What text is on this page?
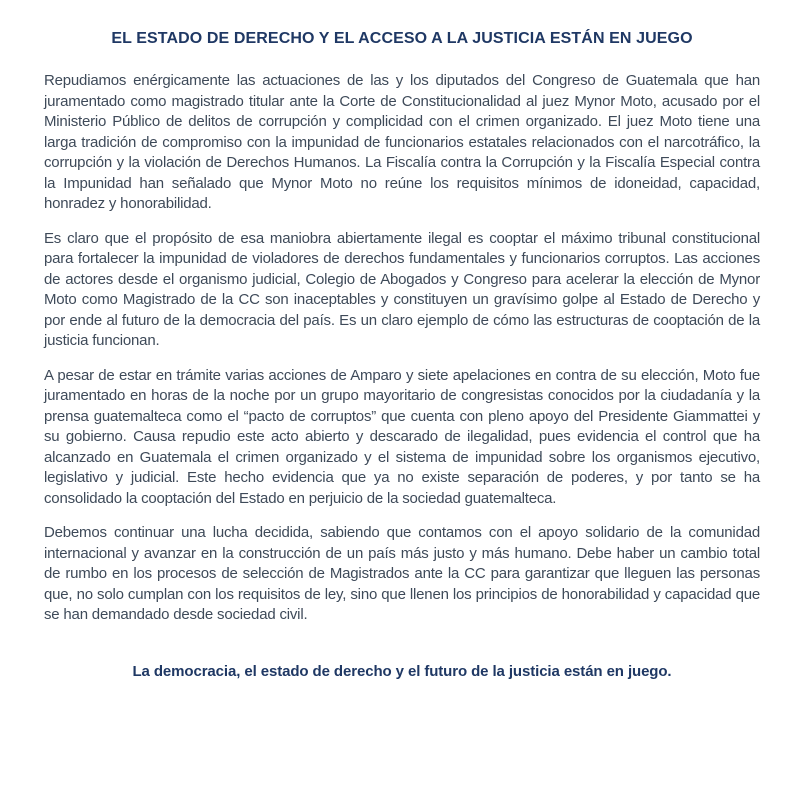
EL ESTADO DE DERECHO Y EL ACCESO A LA JUSTICIA ESTÁN EN JUEGO

Repudiamos enérgicamente las actuaciones de las y los diputados del Congreso de Guatemala que han juramentado como magistrado titular ante la Corte de Constitucionalidad al juez Mynor Moto, acusado por el Ministerio Público de delitos de corrupción y complicidad con el crimen organizado. El juez Moto tiene una larga tradición de compromiso con la impunidad de funcionarios estatales relacionados con el narcotráfico, la corrupción y la violación de Derechos Humanos. La Fiscalía contra la Corrupción y la Fiscalía Especial contra la Impunidad han señalado que Mynor Moto no reúne los requisitos mínimos de idoneidad, capacidad, honradez y honorabilidad.

Es claro que el propósito de esa maniobra abiertamente ilegal es cooptar el máximo tribunal constitucional para fortalecer la impunidad de violadores de derechos fundamentales y funcionarios corruptos. Las acciones de actores desde el organismo judicial, Colegio de Abogados y Congreso para acelerar la elección de Mynor Moto como Magistrado de la CC son inaceptables y constituyen un gravísimo golpe al Estado de Derecho y por ende al futuro de la democracia del país. Es un claro ejemplo de cómo las estructuras de cooptación de la justicia funcionan.

A pesar de estar en trámite varias acciones de Amparo y siete apelaciones en contra de su elección, Moto fue juramentado en horas de la noche por un grupo mayoritario de congresistas conocidos por la ciudadanía y la prensa guatemalteca como el “pacto de corruptos” que cuenta con pleno apoyo del Presidente Giammattei y su gobierno. Causa repudio este acto abierto y descarado de ilegalidad, pues evidencia el control que ha alcanzado en Guatemala el crimen organizado y el sistema de impunidad sobre los organismos ejecutivo, legislativo y judicial. Este hecho evidencia que ya no existe separación de poderes, y por tanto se ha consolidado la cooptación del Estado en perjuicio de la sociedad guatemalteca.

Debemos continuar una lucha decidida, sabiendo que contamos con el apoyo solidario de la comunidad internacional y avanzar en la construcción de un país más justo y más humano. Debe haber un cambio total de rumbo en los procesos de selección de Magistrados ante la CC para garantizar que lleguen las personas que, no solo cumplan con los requisitos de ley, sino que llenen los principios de honorabilidad y capacidad que se han demandado desde sociedad civil.

La democracia, el estado de derecho y el futuro de la justicia están en juego.
